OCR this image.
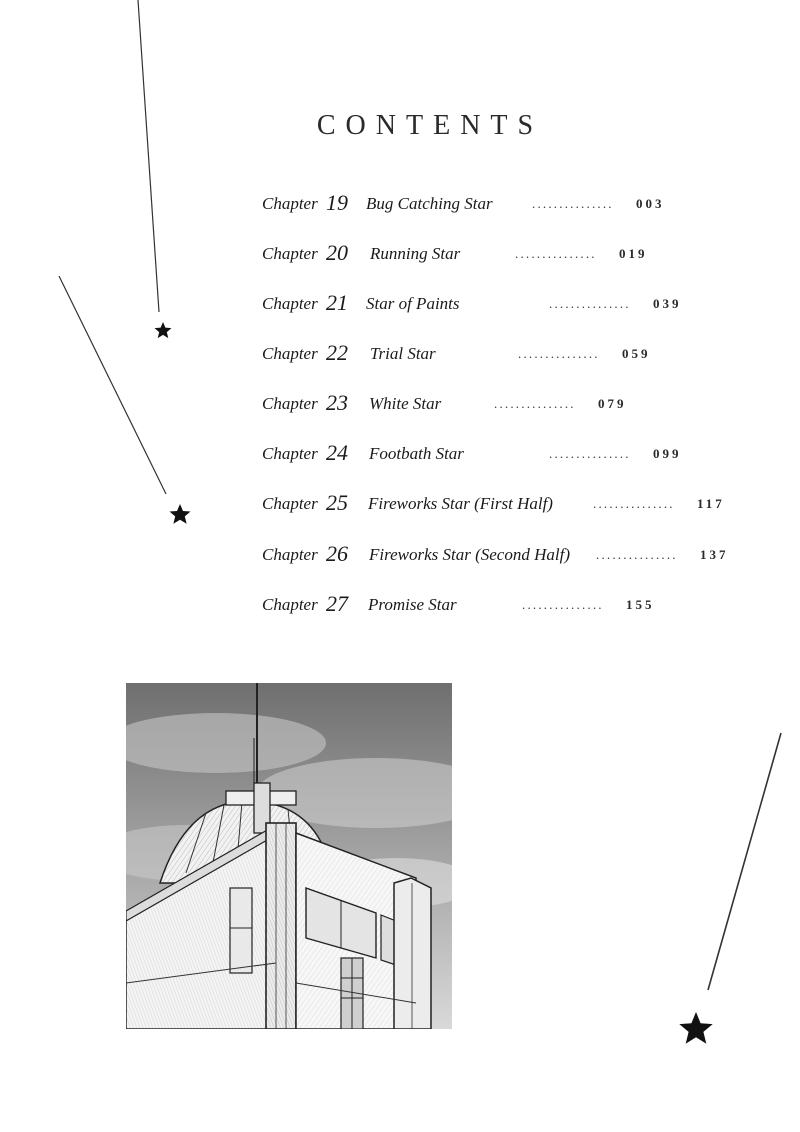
CONTENTS
Chapter 19 Bug Catching Star	............... 003
Chapter 20 Running Star	............... 019
Chapter 21 Star of Paints	............... 039
Chapter 22 Trial Star	............... 059
Chapter 23 White Star	............... 079
Chapter 24 Footbath Star	............... 099
Chapter 25 Fireworks Star (First Half)	............... 117
Chapter 26 Fireworks Star (Second Half) ............... 137
Chapter 27 Promise Star	............... 155
